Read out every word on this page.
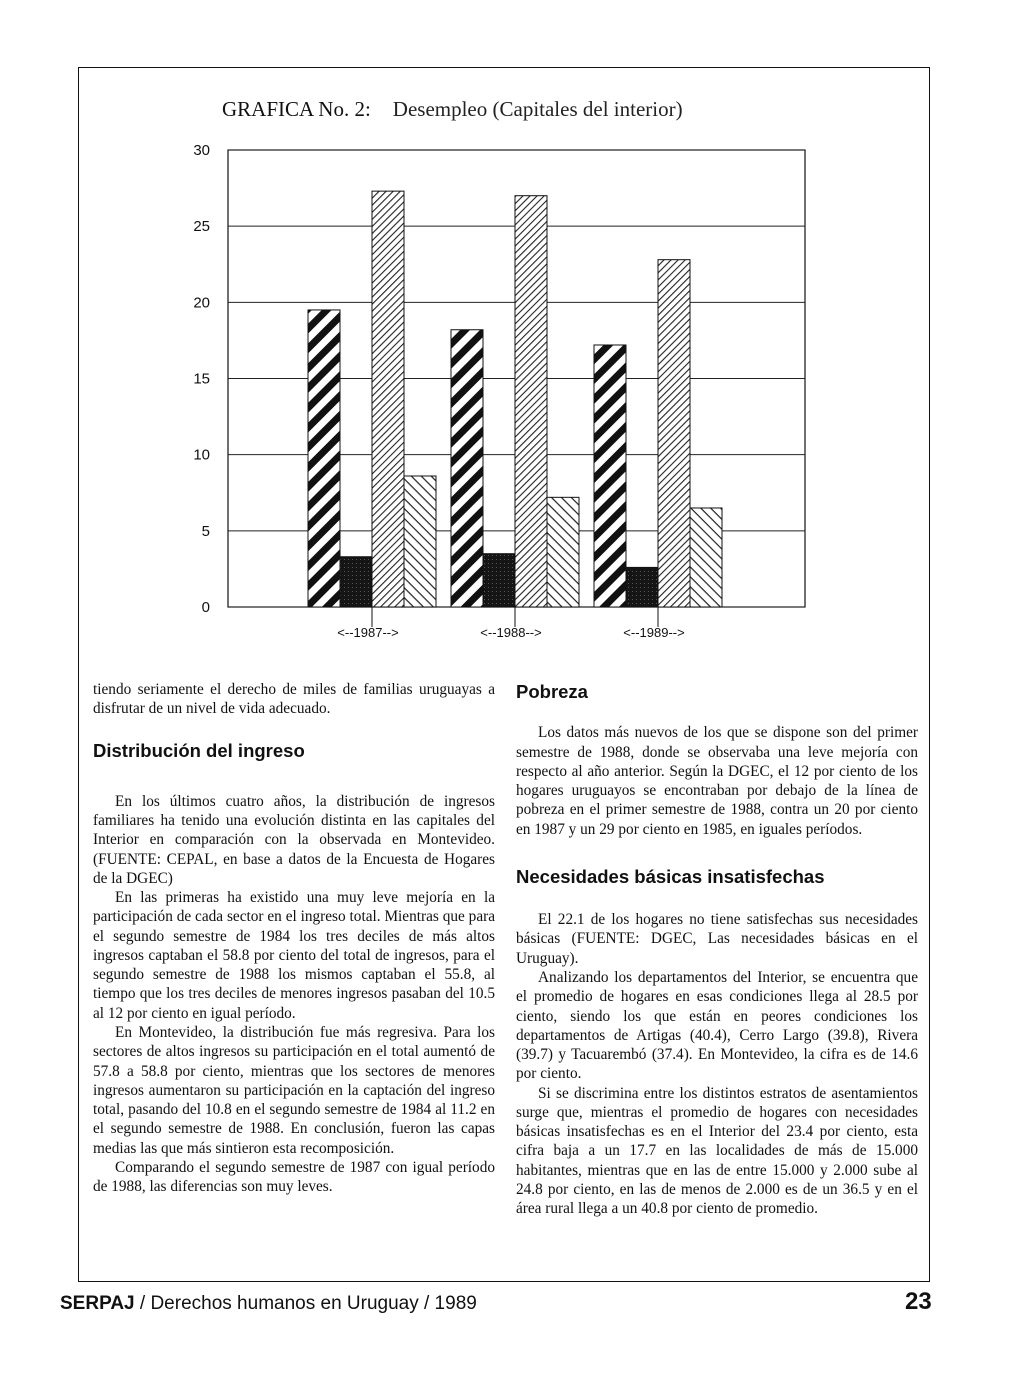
GRAFICA No. 2: Desempleo (Capitales del interior)
0
5
10
15
20
25
30
<--1987-->	<--1988-->	<--1989-->

tiendo seriamente el derecho de miles de familias uruguayas a disfrutar de un nivel de vida adecuado.

Distribución del ingreso

En los últimos cuatro años, la distribución de ingresos familiares ha tenido una evolución distinta en las capitales del Interior en comparación con la observada en Montevideo. (FUENTE: CEPAL, en base a datos de la Encuesta de Hogares de la DGEC)

En las primeras ha existido una muy leve mejoría en la participación de cada sector en el ingreso total. Mientras que para el segundo semestre de 1984 los tres deciles de más altos ingresos captaban el 58.8 por ciento del total de ingresos, para el segundo semestre de 1988 los mismos captaban el 55.8, al tiempo que los tres deciles de menores ingresos pasaban del 10.5 al 12 por ciento en igual período.

En Montevideo, la distribución fue más regresiva. Para los sectores de altos ingresos su participación en el total aumentó de 57.8 a 58.8 por ciento, mientras que los sectores de menores ingresos aumentaron su participación en la captación del ingreso total, pasando del 10.8 en el segundo semestre de 1984 al 11.2 en el segundo semestre de 1988. En conclusión, fueron las capas medias las que más sintieron esta recomposición.

Comparando el segundo semestre de 1987 con igual período de 1988, las diferencias son muy leves.

Pobreza

Los datos más nuevos de los que se dispone son del primer semestre de 1988, donde se observaba una leve mejoría con respecto al año anterior. Según la DGEC, el 12 por ciento de los hogares uruguayos se encontraban por debajo de la línea de pobreza en el primer semestre de 1988, contra un 20 por ciento en 1987 y un 29 por ciento en 1985, en iguales períodos.

Necesidades básicas insatisfechas

El 22.1 de los hogares no tiene satisfechas sus necesidades básicas (FUENTE: DGEC, Las necesidades básicas en el Uruguay).

Analizando los departamentos del Interior, se encuentra que el promedio de hogares en esas condiciones llega al 28.5 por ciento, siendo los que están en peores condiciones los departamentos de Artigas (40.4), Cerro Largo (39.8), Rivera (39.7) y Tacuarembó (37.4). En Montevideo, la cifra es de 14.6 por ciento.

Si se discrimina entre los distintos estratos de asentamientos surge que, mientras el promedio de hogares con necesidades básicas insatisfechas es en el Interior del 23.4 por ciento, esta cifra baja a un 17.7 en las localidades de más de 15.000 habitantes, mientras que en las de entre 15.000 y 2.000 sube al 24.8 por ciento, en las de menos de 2.000 es de un 36.5 y en el área rural llega a un 40.8 por ciento de promedio.

SERPAJ / Derechos humanos en Uruguay / 1989	23
